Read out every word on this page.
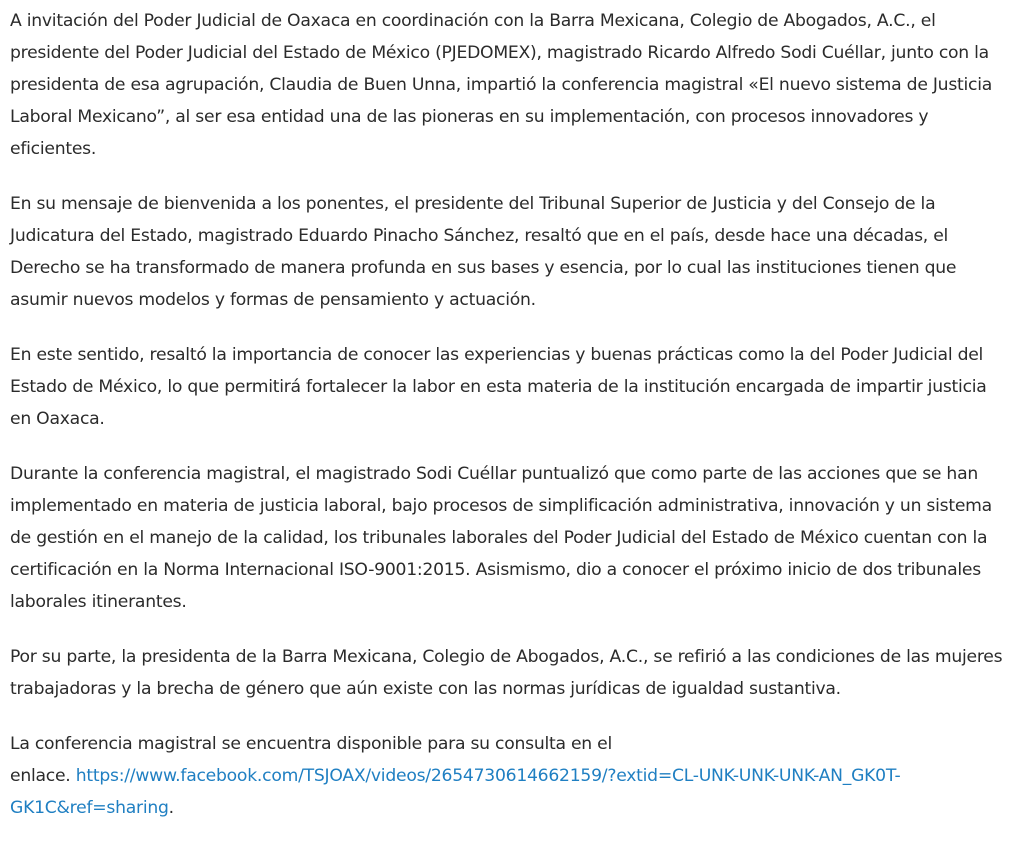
A invitación del Poder Judicial de Oaxaca en coordinación con la Barra Mexicana, Colegio de Abogados, A.C., el presidente del Poder Judicial del Estado de México (PJEDOMEX), magistrado Ricardo Alfredo Sodi Cuéllar, junto con la presidenta de esa agrupación, Claudia de Buen Unna, impartió la conferencia magistral «El nuevo sistema de Justicia Laboral Mexicano”, al ser esa entidad una de las pioneras en su implementación, con procesos innovadores y eficientes.

En su mensaje de bienvenida a los ponentes, el presidente del Tribunal Superior de Justicia y del Consejo de la Judicatura del Estado, magistrado Eduardo Pinacho Sánchez, resaltó que en el país, desde hace una décadas, el Derecho se ha transformado de manera profunda en sus bases y esencia, por lo cual las instituciones tienen que asumir nuevos modelos y formas de pensamiento y actuación.

En este sentido, resaltó la importancia de conocer las experiencias y buenas prácticas como la del Poder Judicial del Estado de México, lo que permitirá fortalecer la labor en esta materia de la institución encargada de impartir justicia en Oaxaca.

Durante la conferencia magistral, el magistrado Sodi Cuéllar puntualizó que como parte de las acciones que se han implementado en materia de justicia laboral, bajo procesos de simplificación administrativa, innovación y un sistema de gestión en el manejo de la calidad, los tribunales laborales del Poder Judicial del Estado de México cuentan con la certificación en la Norma Internacional ISO-9001:2015. Asismismo, dio a conocer el próximo inicio de dos tribunales laborales itinerantes.

Por su parte, la presidenta de la Barra Mexicana, Colegio de Abogados, A.C., se refirió a las condiciones de las mujeres trabajadoras y la brecha de género que aún existe con las normas jurídicas de igualdad sustantiva.

La conferencia magistral se encuentra disponible para su consulta en el
enlace. https://www.facebook.com/TSJOAX/videos/2654730614662159/?extid=CL-UNK-UNK-UNK-AN_GK0T-GK1C&ref=sharing.
